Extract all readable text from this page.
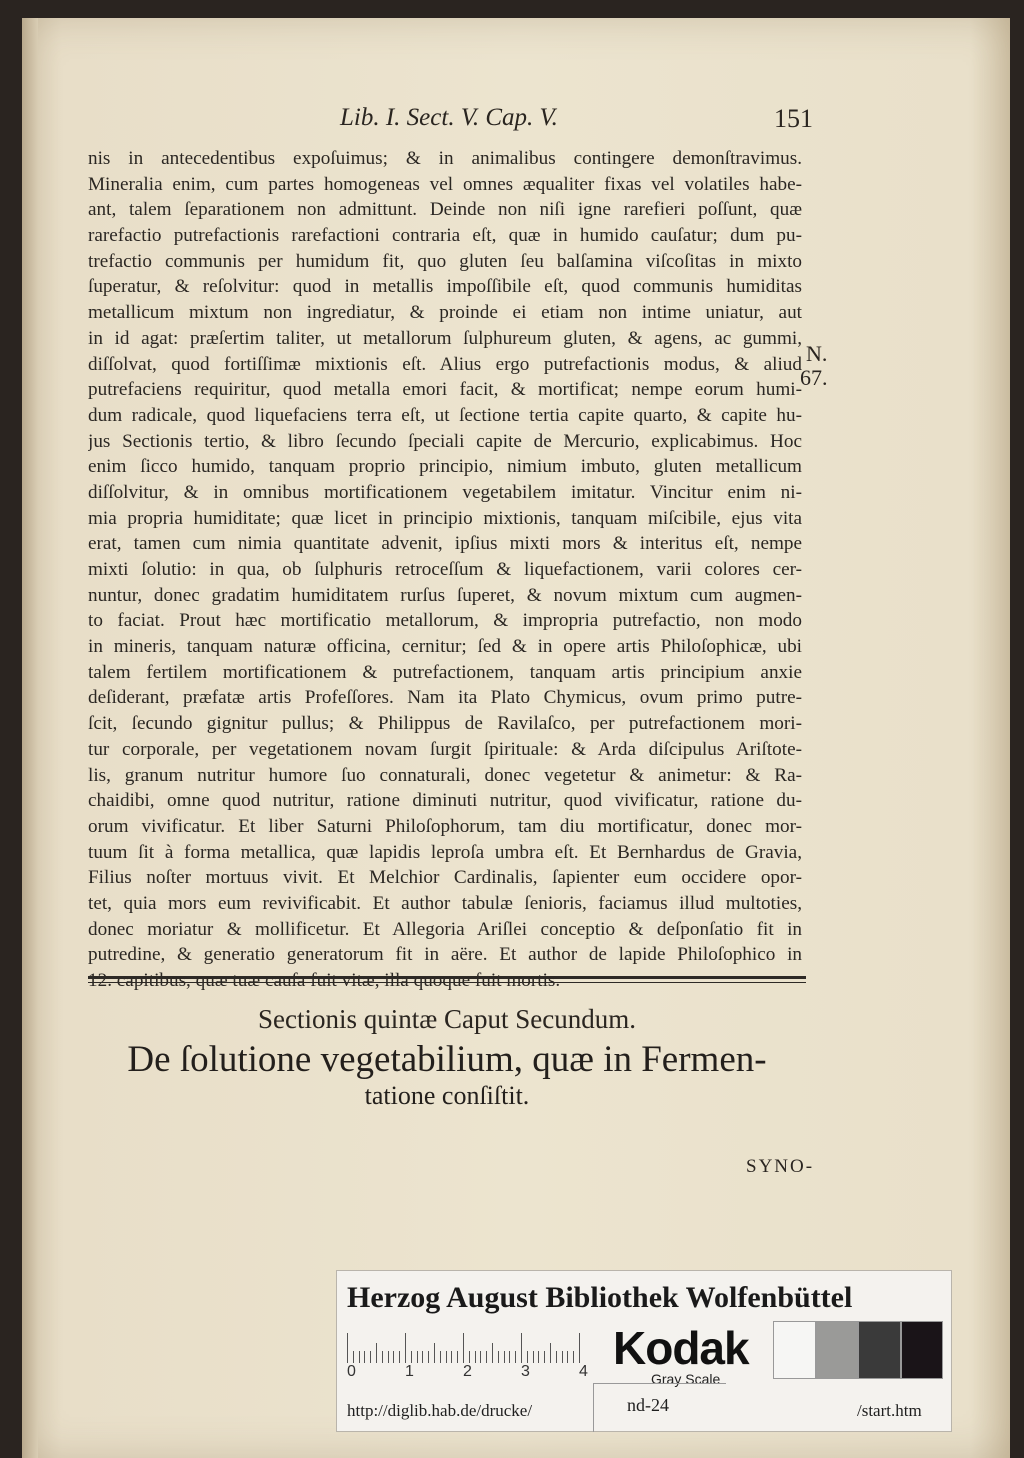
Lib. I. Sect. V. Cap. V.	151
nis in antecedentibus expoſuimus; & in animalibus contingere demonſtravimus.
Mineralia enim, cum partes homogeneas vel omnes æqualiter fixas vel volatiles habe-
ant, talem ſeparationem non admittunt. Deinde non niſi igne rarefieri poſſunt, quæ
rarefactio putrefactionis rarefactioni contraria eſt, quæ in humido cauſatur; dum pu-
trefactio communis per humidum fit, quo gluten ſeu balſamina viſcoſitas in mixto
ſuperatur, & reſolvitur: quod in metallis impoſſibile eſt, quod communis humiditas
metallicum mixtum non ingrediatur, & proinde ei etiam non intime uniatur, aut
in id agat: præſertim taliter, ut metallorum ſulphureum gluten, & agens, ac gummi,
diſſolvat, quod fortiſſimæ mixtionis eſt. Alius ergo putrefactionis modus, & aliud
putrefaciens requiritur, quod metalla emori facit, & mortificat; nempe eorum humi-
dum radicale, quod liquefaciens terra eſt, ut ſectione tertia capite quarto, & capite hu-
jus Sectionis tertio, & libro ſecundo ſpeciali capite de Mercurio, explicabimus. Hoc
enim ſicco humido, tanquam proprio principio, nimium imbuto, gluten metallicum
diſſolvitur, & in omnibus mortificationem vegetabilem imitatur. Vincitur enim ni-
mia propria humiditate; quæ licet in principio mixtionis, tanquam miſcibile, ejus vita
erat, tamen cum nimia quantitate advenit, ipſius mixti mors & interitus eſt, nempe
mixti ſolutio: in qua, ob ſulphuris retroceſſum & liquefactionem, varii colores cer-
nuntur, donec gradatim humiditatem rurſus ſuperet, & novum mixtum cum augmen-
to faciat. Prout hæc mortificatio metallorum, & impropria putrefactio, non modo
in mineris, tanquam naturæ officina, cernitur; ſed & in opere artis Philoſophicæ, ubi
talem fertilem mortificationem & putrefactionem, tanquam artis principium anxie
deſiderant, præfatæ artis Profeſſores. Nam ita Plato Chymicus, ovum primo putre-
ſcit, ſecundo gignitur pullus; & Philippus de Ravilaſco, per putrefactionem mori-
tur corporale, per vegetationem novam ſurgit ſpirituale: & Arda diſcipulus Ariſtote-
lis, granum nutritur humore ſuo connaturali, donec vegetetur & animetur: & Ra-
chaidibi, omne quod nutritur, ratione diminuti nutritur, quod vivificatur, ratione du-
orum vivificatur. Et liber Saturni Philoſophorum, tam diu mortificatur, donec mor-
tuum ſit à forma metallica, quæ lapidis leproſa umbra eſt. Et Bernhardus de Gravia,
Filius noſter mortuus vivit. Et Melchior Cardinalis, ſapienter eum occidere opor-
tet, quia mors eum revivificabit. Et author tabulæ ſenioris, faciamus illud multoties,
donec moriatur & mollificetur. Et Allegoria Ariſlei conceptio & deſponſatio fit in
putredine, & generatio generatorum fit in aëre. Et author de lapide Philoſophico in
12. capitibus, quæ tuæ cauſa fuit vitæ, illa quoque fuit mortis.
N.
67.
Sectionis quintæ Caput Secundum.
De ſolutione vegetabilium, quæ in Fermen-
tatione conſiſtit.
SYNO-
Herzog August Bibliothek Wolfenbüttel
0	1	2	3	4 Kodak
Gray Scale
http://diglib.hab.de/drucke/	nd-24	/start.htm
